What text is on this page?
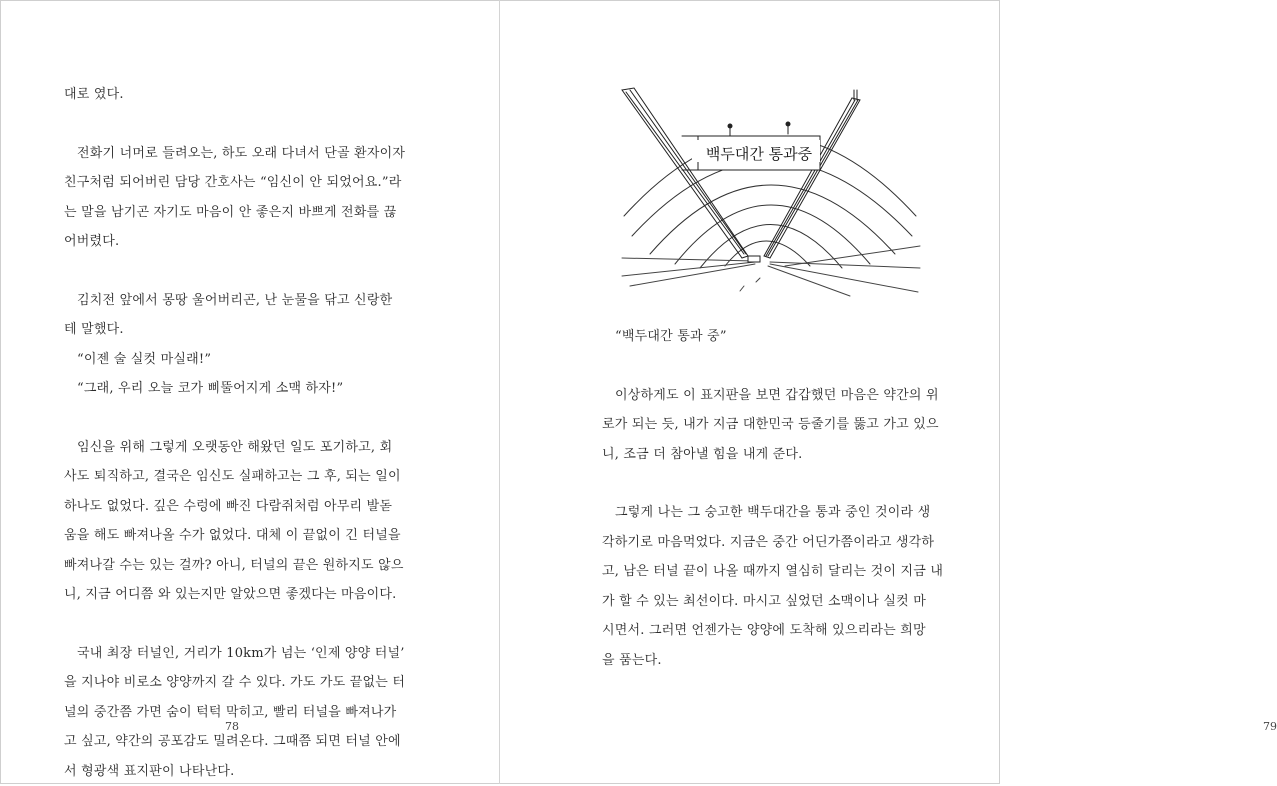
대로 였다.
전화기 너머로 들려오는, 하도 오래 다녀서 단골 환자이자
친구처럼 되어버린 담당 간호사는 “임신이 안 되었어요.”라
는 말을 남기곤 자기도 마음이 안 좋은지 바쁘게 전화를 끊
어버렸다.
김치전 앞에서 몽땅 울어버리곤, 난 눈물을 닦고 신랑한
테 말했다.
“이젠 술 실컷 마실래!”
“그래, 우리 오늘 코가 삐뚤어지게 소맥 하자!”
임신을 위해 그렇게 오랫동안 해왔던 일도 포기하고, 회
사도 퇴직하고, 결국은 임신도 실패하고는 그 후, 되는 일이
하나도 없었다. 깊은 수렁에 빠진 다람쥐처럼 아무리 발돋
움을 해도 빠져나올 수가 없었다. 대체 이 끝없이 긴 터널을
빠져나갈 수는 있는 걸까? 아니, 터널의 끝은 원하지도 않으
니, 지금 어디쯤 와 있는지만 알았으면 좋겠다는 마음이다.
국내 최장 터널인, 거리가 10km가 넘는 ‘인제 양양 터널’
을 지나야 비로소 양양까지 갈 수 있다. 가도 가도 끝없는 터
널의 중간쯤 가면 숨이 턱턱 막히고, 빨리 터널을 빠져나가
고 싶고, 약간의 공포감도 밀려온다. 그때쯤 되면 터널 안에
서 형광색 표지판이 나타난다.
78
“백두대간 통과 중”
이상하게도 이 표지판을 보면 갑갑했던 마음은 약간의 위
로가 되는 듯, 내가 지금 대한민국 등줄기를 뚫고 가고 있으
니, 조금 더 참아낼 힘을 내게 준다.
그렇게 나는 그 숭고한 백두대간을 통과 중인 것이라 생
각하기로 마음먹었다. 지금은 중간 어딘가쯤이라고 생각하
고, 남은 터널 끝이 나올 때까지 열심히 달리는 것이 지금 내
가 할 수 있는 최선이다. 마시고 싶었던 소맥이나 실컷 마
시면서. 그러면 언젠가는 양양에 도착해 있으리라는 희망
을 품는다.
79
백두대간 통과중
